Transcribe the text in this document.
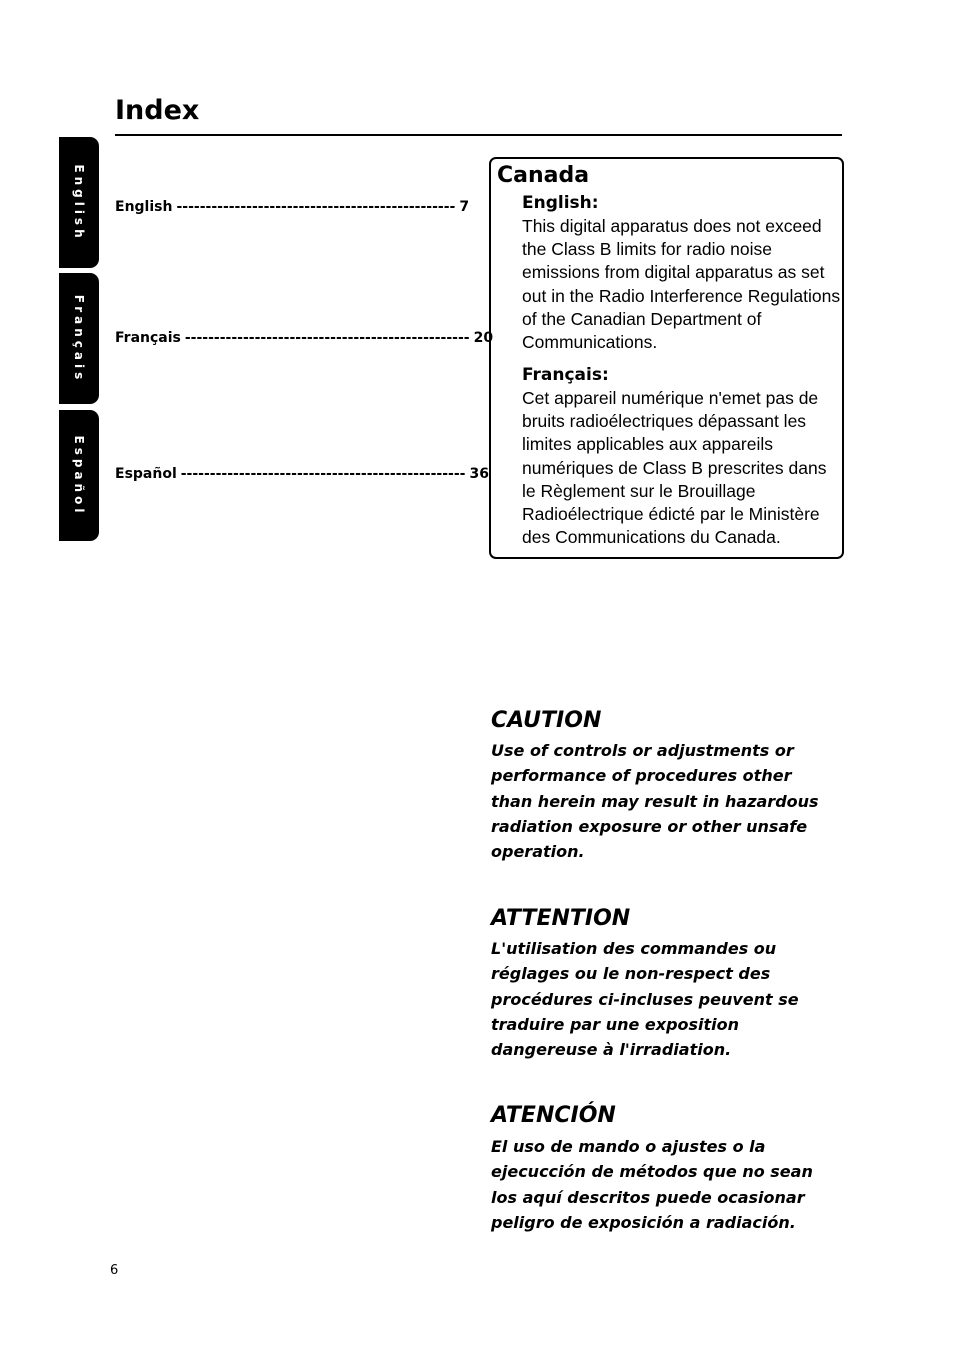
Index
English
Français
Español
English ------------------------------------------------ 7
Français ------------------------------------------------- 20
Español ------------------------------------------------- 36
Canada
English:

This digital apparatus does not exceed the Class B limits for radio noise emissions from digital apparatus as set out in the Radio Interference Regulations of the Canadian Department of Communications.

Français:

Cet appareil numérique n'emet pas de bruits radioélectriques dépassant les limites applicables aux appareils numériques de Class B prescrites dans le Règlement sur le Brouillage Radioélectrique édicté par le Ministère des Communications du Canada.

CAUTION

Use of controls or adjustments or performance of procedures other than herein may result in hazardous radiation exposure or other unsafe operation.

ATTENTION

L'utilisation des commandes ou réglages ou le non-respect des procédures ci-incluses peuvent se traduire par une exposition dangereuse à l'irradiation.

ATENCIÓN

El uso de mando o ajustes o la ejecucción de métodos que no sean los aquí descritos puede ocasionar peligro de exposición a radiación.

6
